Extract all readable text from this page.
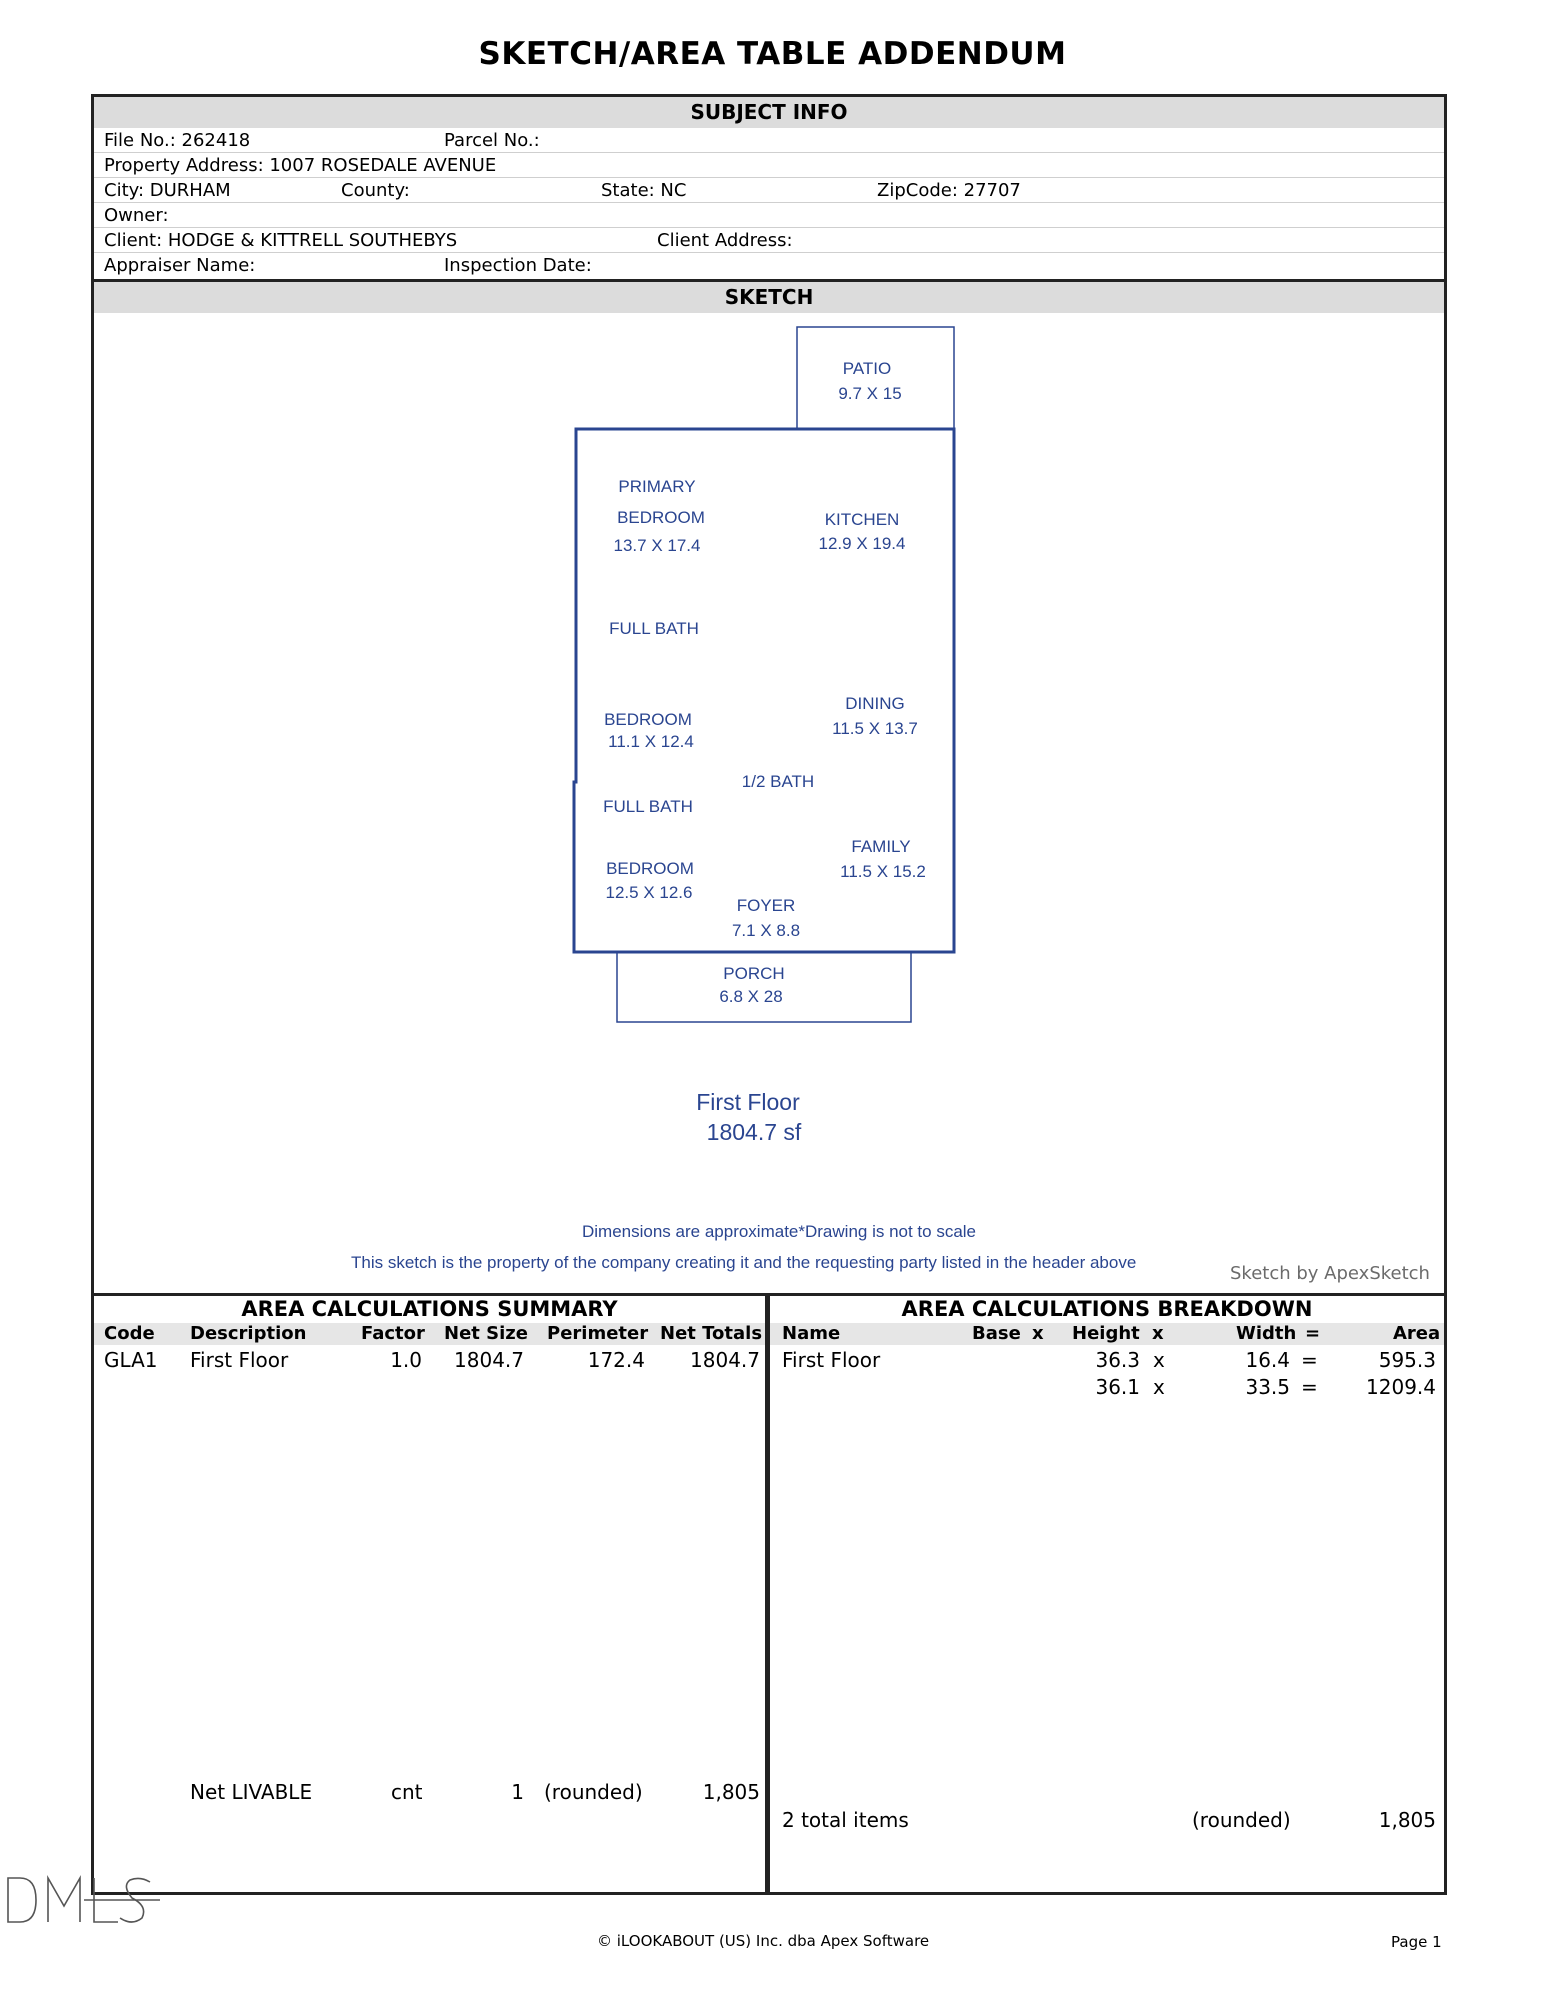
SKETCH/AREA TABLE ADDENDUM
SUBJECT INFO
File No.: 262418	Parcel No.:
Property Address: 1007 ROSEDALE AVENUE
City: DURHAM	County:	State: NC	ZipCode: 27707
Owner:
Client: HODGE & KITTRELL SOUTHEBYS	Client Address:
Appraiser Name:	Inspection Date:
SKETCH
PATIO
9.7 X 15
PRIMARY
BEDROOM
13.7 X 17.4
KITCHEN
12.9 X 19.4
FULL BATH
DINING
11.5 X 13.7
BEDROOM
11.1 X 12.4
1/2 BATH
FULL BATH
FAMILY
11.5 X 15.2
BEDROOM
12.5 X 12.6
FOYER
7.1 X 8.8
PORCH
6.8 X 28
First Floor
1804.7 sf
Dimensions are approximate*Drawing is not to scale
This sketch is the property of the company creating it and the requesting party listed in the header above
Sketch by ApexSketch
AREA CALCULATIONS SUMMARY
Code Description	Factor Net Size Perimeter Net Totals
GLA1 First Floor	1.0	1804.7	172.4	1804.7
Net LIVABLE	cnt	1 (rounded)	1,805
AREA CALCULATIONS BREAKDOWN
Name	Base x Height x	Width =	Area
First Floor	36.3 x	16.4 =	595.3
36.1 x	33.5 =	1209.4
2 total items	(rounded)	1,805
© iLOOKABOUT (US) Inc. dba Apex Software	Page 1
